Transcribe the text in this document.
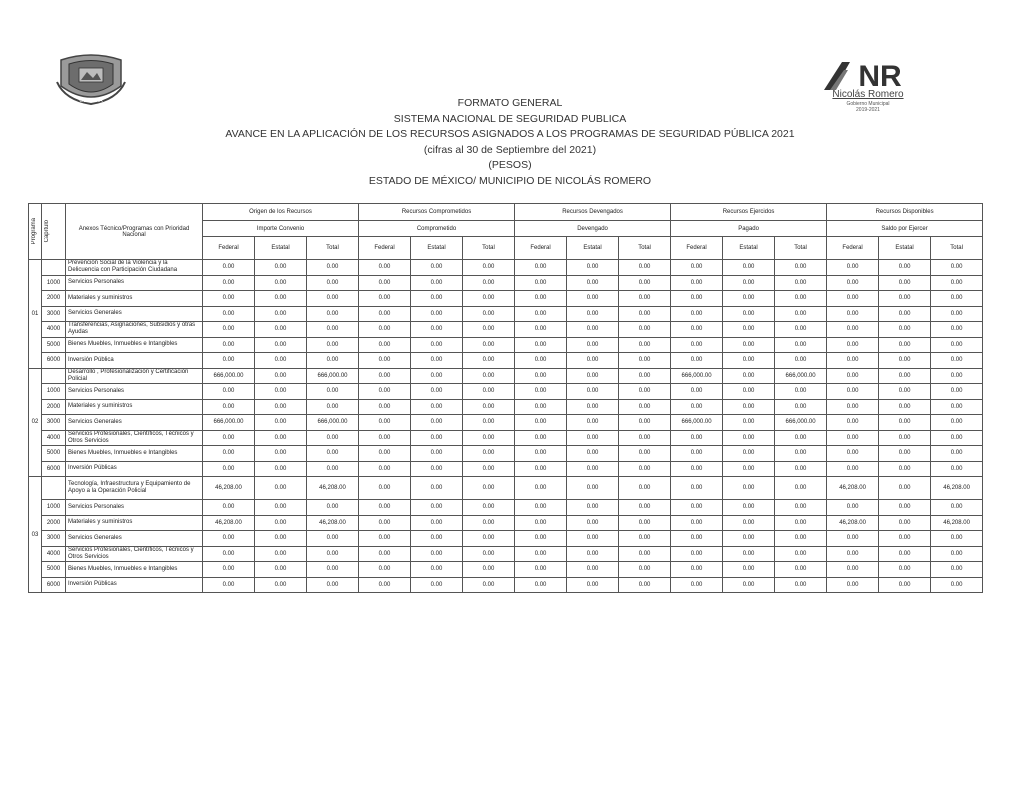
CULTURA
NR
Nicolás Romero
Gobierno Municipal
2019-2021
FORMATO GENERAL
SISTEMA NACIONAL DE SEGURIDAD PUBLICA
AVANCE EN LA APLICACIÓN DE LOS RECURSOS ASIGNADOS A LOS PROGRAMAS DE SEGURIDAD PÚBLICA 2021
(cifras al 30 de Septiembre del 2021)
(PESOS)
ESTADO DE MÉXICO/ MUNICIPIO DE NICOLÁS ROMERO
Programa	Capítulo	Anexos Técnico/Programas con Prioridad Nacional	Origen de los Recursos			Recursos Comprometidos			Recursos Devengados			Recursos Ejercidos			Recursos Disponibles		
			Importe Convenio			Comprometido			Devengado			Pagado			Saldo por Ejercer		
			Federal	Estatal	Total	Federal	Estatal	Total	Federal	Estatal	Total	Federal	Estatal	Total	Federal	Estatal	Total
01		Prevención Social de la Violencia y la Delicuencia con Participación Ciudadana	0.00	0.00	0.00	0.00	0.00	0.00	0.00	0.00	0.00	0.00	0.00	0.00	0.00	0.00	0.00
	1000	Servicios Personales	0.00	0.00	0.00	0.00	0.00	0.00	0.00	0.00	0.00	0.00	0.00	0.00	0.00	0.00	0.00
	2000	Materiales y suministros	0.00	0.00	0.00	0.00	0.00	0.00	0.00	0.00	0.00	0.00	0.00	0.00	0.00	0.00	0.00
	3000	Servicios Generales	0.00	0.00	0.00	0.00	0.00	0.00	0.00	0.00	0.00	0.00	0.00	0.00	0.00	0.00	0.00
	4000	Transferencias, Asignaciones, Subsidios y otras Ayudas	0.00	0.00	0.00	0.00	0.00	0.00	0.00	0.00	0.00	0.00	0.00	0.00	0.00	0.00	0.00
	5000	Bienes Muebles, Inmuebles e Intangibles	0.00	0.00	0.00	0.00	0.00	0.00	0.00	0.00	0.00	0.00	0.00	0.00	0.00	0.00	0.00
	6000	Inversión Pública	0.00	0.00	0.00	0.00	0.00	0.00	0.00	0.00	0.00	0.00	0.00	0.00	0.00	0.00	0.00
02		Desarrollo , Profesionalización y Certificación Policial	666,000.00	0.00	666,000.00	0.00	0.00	0.00	0.00	0.00	0.00	666,000.00	0.00	666,000.00	0.00	0.00	0.00
	1000	Servicios Personales	0.00	0.00	0.00	0.00	0.00	0.00	0.00	0.00	0.00	0.00	0.00	0.00	0.00	0.00	0.00
	2000	Materiales y suministros	0.00	0.00	0.00	0.00	0.00	0.00	0.00	0.00	0.00	0.00	0.00	0.00	0.00	0.00	0.00
	3000	Servicios Generales	666,000.00	0.00	666,000.00	0.00	0.00	0.00	0.00	0.00	0.00	666,000.00	0.00	666,000.00	0.00	0.00	0.00
	4000	Servicios Profesionales, Científicos, Técnicos y Otros Servicios	0.00	0.00	0.00	0.00	0.00	0.00	0.00	0.00	0.00	0.00	0.00	0.00	0.00	0.00	0.00
	5000	Bienes Muebles, Inmuebles e Intangibles	0.00	0.00	0.00	0.00	0.00	0.00	0.00	0.00	0.00	0.00	0.00	0.00	0.00	0.00	0.00
	6000	Inversión Públicas	0.00	0.00	0.00	0.00	0.00	0.00	0.00	0.00	0.00	0.00	0.00	0.00	0.00	0.00	0.00
03		Tecnología, Infraestructura y Equipamiento de Apoyo a la Operación Policial	46,208.00	0.00	46,208.00	0.00	0.00	0.00	0.00	0.00	0.00	0.00	0.00	0.00	46,208.00	0.00	46,208.00
	1000	Servicios Personales	0.00	0.00	0.00	0.00	0.00	0.00	0.00	0.00	0.00	0.00	0.00	0.00	0.00	0.00	0.00
	2000	Materiales y suministros	46,208.00	0.00	46,208.00	0.00	0.00	0.00	0.00	0.00	0.00	0.00	0.00	0.00	46,208.00	0.00	46,208.00
	3000	Servicios Generales	0.00	0.00	0.00	0.00	0.00	0.00	0.00	0.00	0.00	0.00	0.00	0.00	0.00	0.00	0.00
	4000	Servicios Profesionales, Científicos, Técnicos y Otros Servicios	0.00	0.00	0.00	0.00	0.00	0.00	0.00	0.00	0.00	0.00	0.00	0.00	0.00	0.00	0.00
	5000	Bienes Muebles, Inmuebles e Intangibles	0.00	0.00	0.00	0.00	0.00	0.00	0.00	0.00	0.00	0.00	0.00	0.00	0.00	0.00	0.00
	6000	Inversión Públicas	0.00	0.00	0.00	0.00	0.00	0.00	0.00	0.00	0.00	0.00	0.00	0.00	0.00	0.00	0.00
